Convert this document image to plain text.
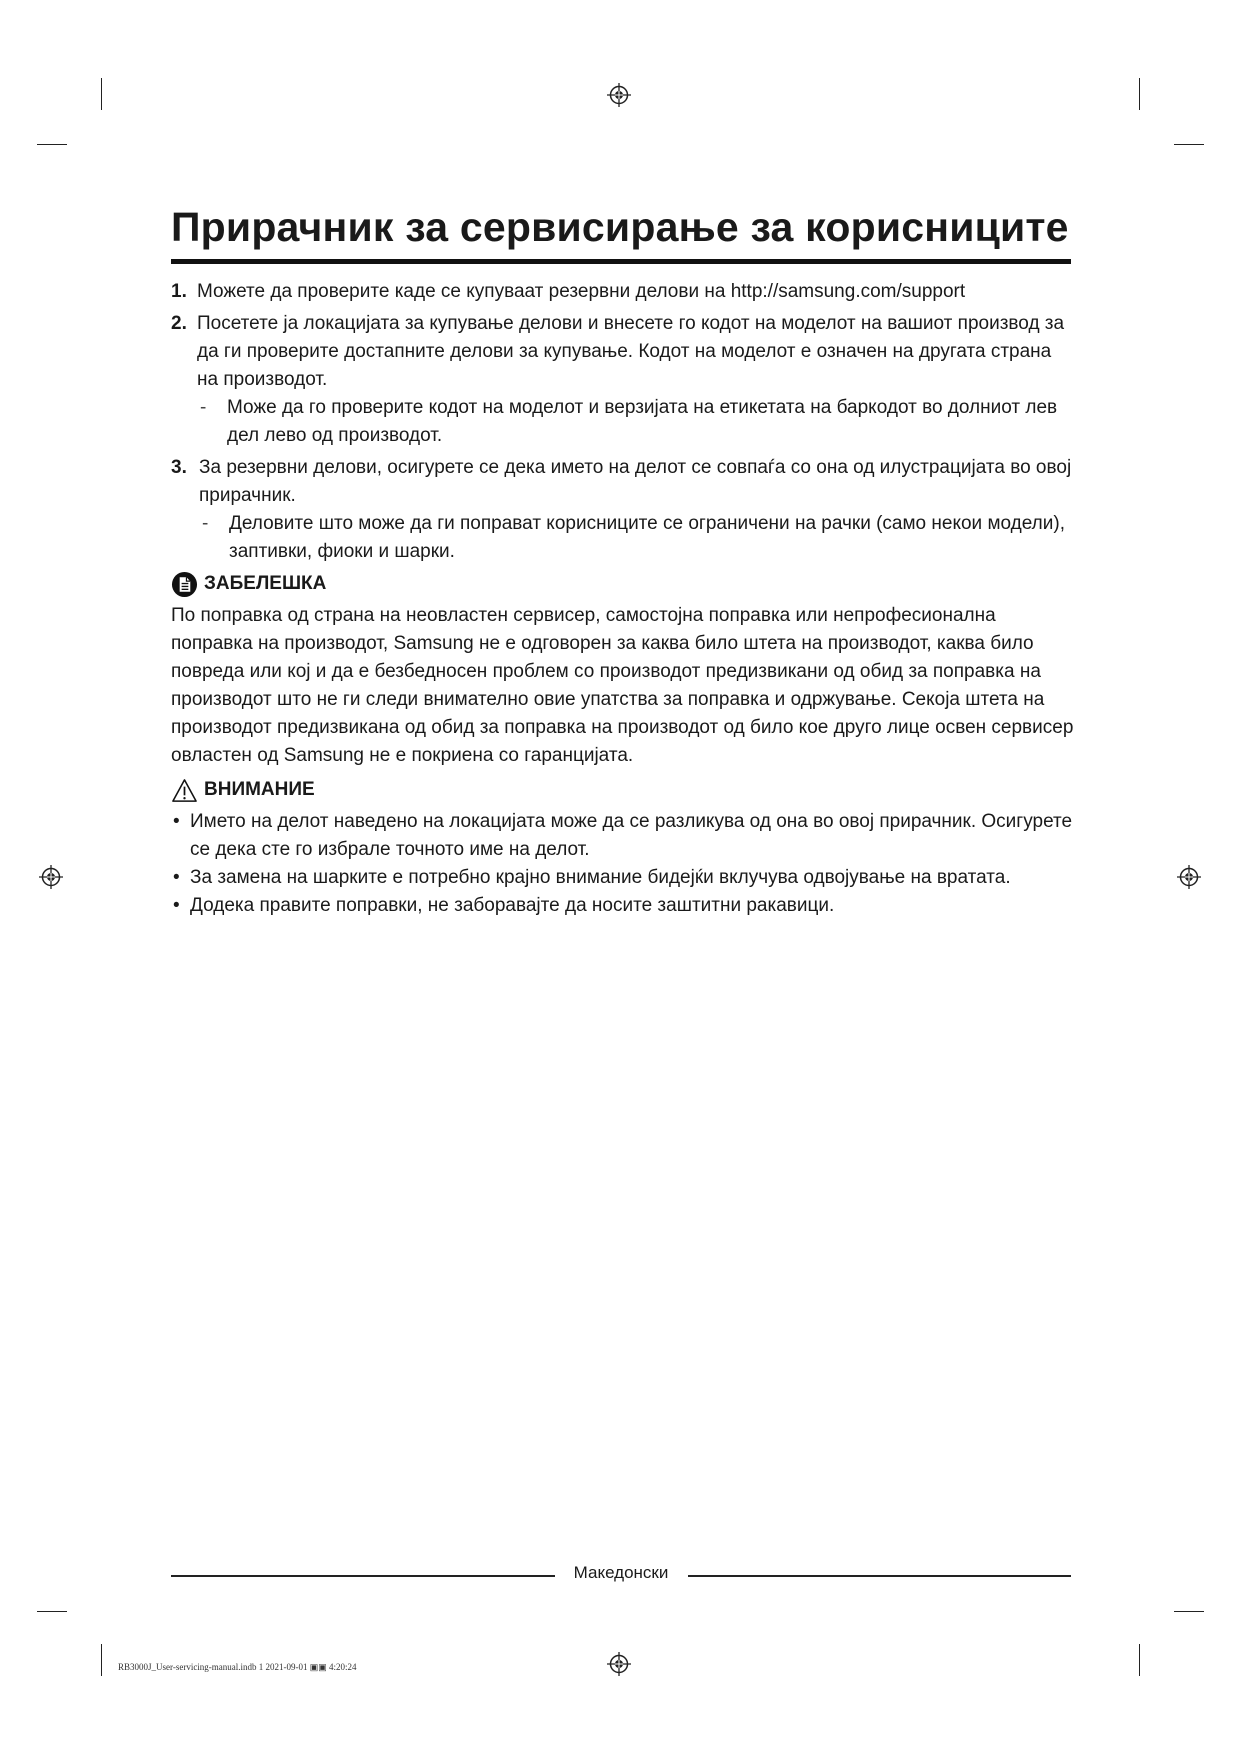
Прирачник за сервисирање за корисниците
1. Можете да проверите каде се купуваат резервни делови на http://samsung.com/support
2. Посетете ја локацијата за купување делови и внесете го кодот на моделот на вашиот производ за да ги проверите достапните делови за купување. Кодот на моделот е означен на другата страна на производот.
- Може да го проверите кодот на моделот и верзијата на етикетата на баркодот во долниот лев дел лево од производот.
3. За резервни делови, осигурете се дека името на делот се совпаѓа со она од илустрацијата во овој прирачник.
- Деловите што може да ги поправат корисниците се ограничени на рачки (само некои модели), заптивки, фиоки и шарки.
ЗАБЕЛЕШКА
По поправка од страна на неовластен сервисер, самостојна поправка или непрофесионална поправка на производот, Samsung не е одговорен за каква било штета на производот, каква било повреда или кој и да е безбедносен проблем со производот предизвикани од обид за поправка на производот што не ги следи внимателно овие упатства за поправка и одржување. Секоја штета на производот предизвикана од обид за поправка на производот од било кое друго лице освен сервисер овластен од Samsung не е покриена со гаранцијата.
ВНИМАНИЕ
• Името на делот наведено на локацијата може да се разликува од она во овој прирачник. Осигурете се дека сте го избрале точното име на делот.
• За замена на шарките е потребно крајно внимание бидејќи вклучува одвојување на вратата.
• Додека правите поправки, не заборавајте да носите заштитни ракавици.
Македонски
RB3000J_User-servicing-manual.indb 1 2021-09-01 ▣▣ 4:20:24
